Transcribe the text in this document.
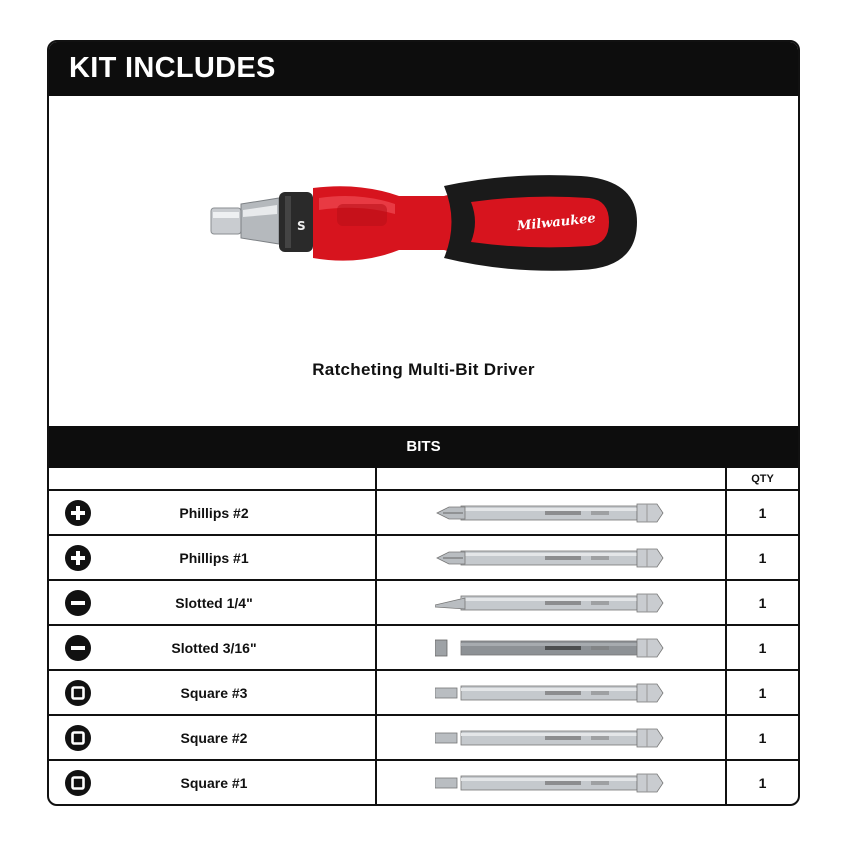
KIT INCLUDES
S	Milwaukee
Ratcheting Multi-Bit Driver
BITS
QTY
Phillips #2	1
Phillips #1	1
Slotted 1/4"	1
Slotted 3/16"	1
Square #3	1
Square #2	1
Square #1	1
